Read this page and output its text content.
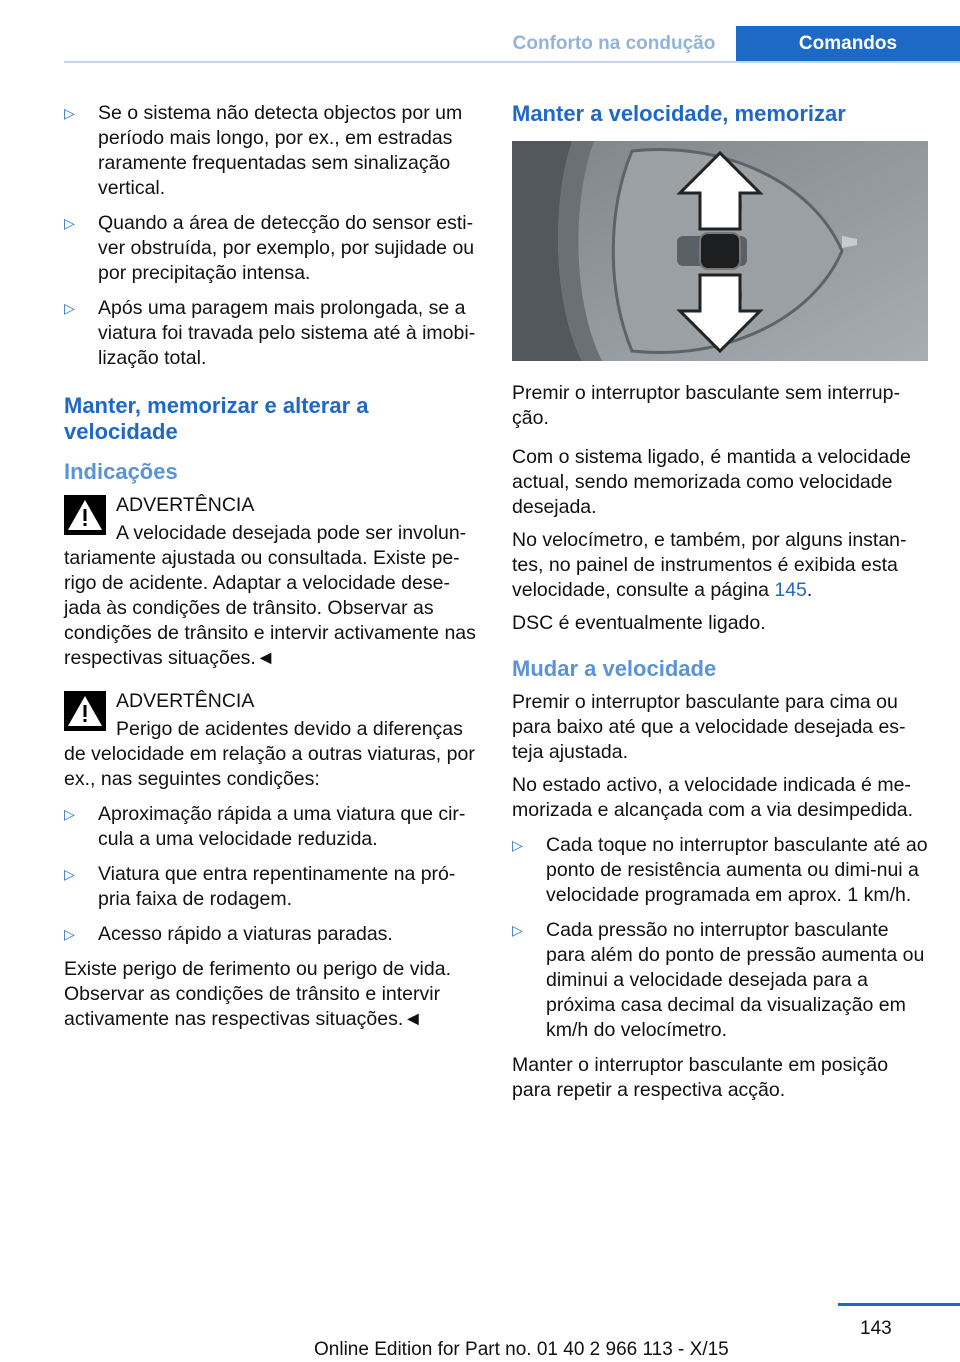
Conforto na condução	Comandos
▷	Se o sistema não detecta objectos por um período mais longo, por ex., em estradas raramente frequentadas sem sinalização vertical.
▷	Quando a área de detecção do sensor esti-ver obstruída, por exemplo, por sujidade ou por precipitação intensa.
▷	Após uma paragem mais prolongada, se a viatura foi travada pelo sistema até à imobi-lização total.
Manter, memorizar e alterar a velocidade
Indicações
ADVERTÊNCIA
A velocidade desejada pode ser involun-tariamente ajustada ou consultada. Existe pe-rigo de acidente. Adaptar a velocidade dese-jada às condições de trânsito. Observar as condições de trânsito e intervir activamente nas respectivas situações.◄
ADVERTÊNCIA
Perigo de acidentes devido a diferenças de velocidade em relação a outras viaturas, por ex., nas seguintes condições:
▷	Aproximação rápida a uma viatura que cir-cula a uma velocidade reduzida.
▷	Viatura que entra repentinamente na pró-pria faixa de rodagem.
▷	Acesso rápido a viaturas paradas.
Existe perigo de ferimento ou perigo de vida. Observar as condições de trânsito e intervir activamente nas respectivas situações.◄
Manter a velocidade, memorizar
Premir o interruptor basculante sem interrup-ção.
Com o sistema ligado, é mantida a velocidade actual, sendo memorizada como velocidade desejada.
No velocímetro, e também, por alguns instan-tes, no painel de instrumentos é exibida esta velocidade, consulte a página 145.
DSC é eventualmente ligado.
Mudar a velocidade
Premir o interruptor basculante para cima ou para baixo até que a velocidade desejada es-teja ajustada.
No estado activo, a velocidade indicada é me-morizada e alcançada com a via desimpedida.
▷	Cada toque no interruptor basculante até ao ponto de resistência aumenta ou dimi-nui a velocidade programada em aprox. 1 km/h.
▷	Cada pressão no interruptor basculante para além do ponto de pressão aumenta ou diminui a velocidade desejada para a próxima casa decimal da visualização em km/h do velocímetro.
Manter o interruptor basculante em posição para repetir a respectiva acção.
143
Online Edition for Part no. 01 40 2 966 113 - X/15
